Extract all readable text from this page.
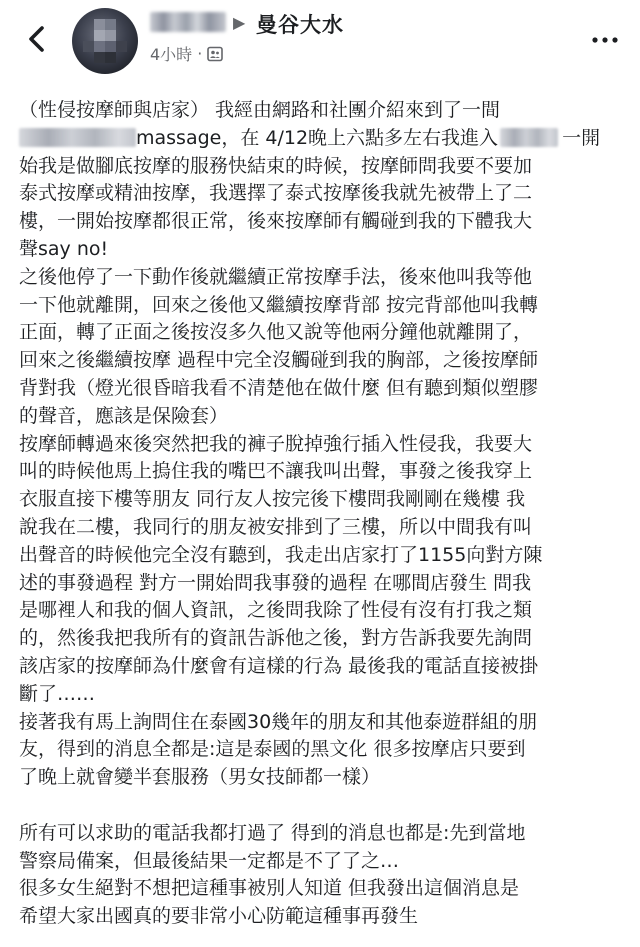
▶ 曼谷大水
4小時 ·

（性侵按摩師與店家） 我經由網路和社團介紹來到了一間

massage，在 4/12晚上六點多左右我進入	一開

始我是做腳底按摩的服務快結束的時候，按摩師問我要不要加

泰式按摩或精油按摩，我選擇了泰式按摩後我就先被帶上了二

樓，一開始按摩都很正常，後來按摩師有觸碰到我的下體我大

聲say no!

之後他停了一下動作後就繼續正常按摩手法，後來他叫我等他

一下他就離開，回來之後他又繼續按摩背部 按完背部他叫我轉

正面，轉了正面之後按沒多久他又說等他兩分鐘他就離開了，

回來之後繼續按摩 過程中完全沒觸碰到我的胸部，之後按摩師

背對我（燈光很昏暗我看不清楚他在做什麼 但有聽到類似塑膠

的聲音，應該是保險套）

按摩師轉過來後突然把我的褲子脫掉強行插入性侵我，我要大

叫的時候他馬上摀住我的嘴巴不讓我叫出聲，事發之後我穿上

衣服直接下樓等朋友 同行友人按完後下樓問我剛剛在幾樓 我

說我在二樓，我同行的朋友被安排到了三樓，所以中間我有叫

出聲音的時候他完全沒有聽到，我走出店家打了1155向對方陳

述的事發過程 對方一開始問我事發的過程 在哪間店發生 問我

是哪裡人和我的個人資訊，之後問我除了性侵有沒有打我之類

的，然後我把我所有的資訊告訴他之後，對方告訴我要先詢問

該店家的按摩師為什麼會有這樣的行為 最後我的電話直接被掛

斷了……

接著我有馬上詢問住在泰國30幾年的朋友和其他泰遊群組的朋

友，得到的消息全都是:這是泰國的黑文化 很多按摩店只要到

了晚上就會變半套服務（男女技師都一樣）

所有可以求助的電話我都打過了 得到的消息也都是:先到當地

警察局備案，但最後結果一定都是不了了之…

很多女生絕對不想把這種事被別人知道 但我發出這個消息是

希望大家出國真的要非常小心防範這種事再發生
